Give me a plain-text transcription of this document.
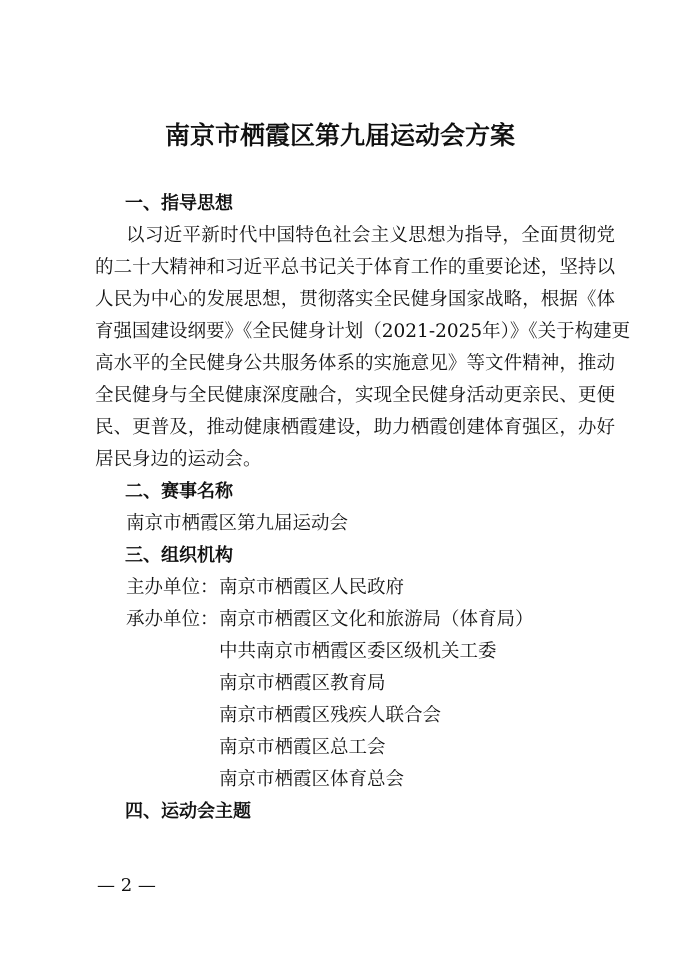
南京市栖霞区第九届运动会方案
一、指导思想
以习近平新时代中国特色社会主义思想为指导，全面贯彻党
的二十大精神和习近平总书记关于体育工作的重要论述，坚持以
人民为中心的发展思想，贯彻落实全民健身国家战略，根据《体
育强国建设纲要》《全民健身计划（2021-2025年）》《关于构建更
高水平的全民健身公共服务体系的实施意见》等文件精神，推动
全民健身与全民健康深度融合，实现全民健身活动更亲民、更便
民、更普及，推动健康栖霞建设，助力栖霞创建体育强区，办好
居民身边的运动会。
二、赛事名称
南京市栖霞区第九届运动会
三、组织机构
主办单位： 南京市栖霞区人民政府
承办单位： 南京市栖霞区文化和旅游局（体育局）
中共南京市栖霞区委区级机关工委
南京市栖霞区教育局
南京市栖霞区残疾人联合会
南京市栖霞区总工会
南京市栖霞区体育总会
四、运动会主题
— 2 —
